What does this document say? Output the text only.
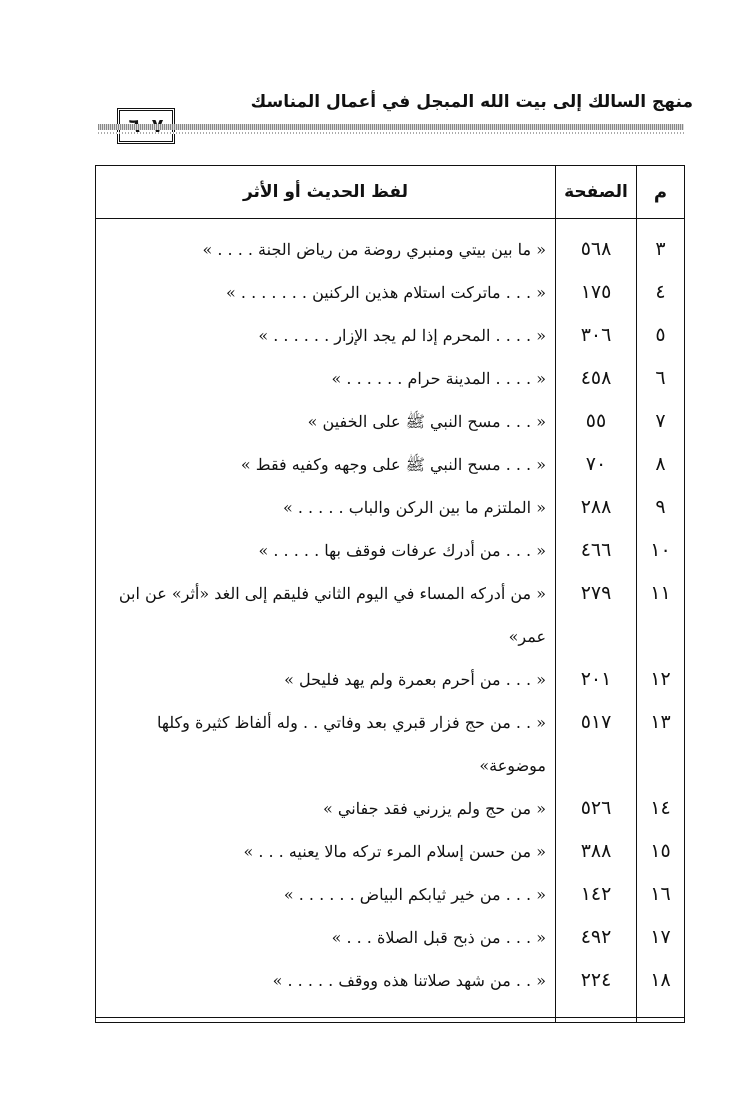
منهج السالك إلى بيت الله المبجل في أعمال المناسك
م
الصفحة
لفظ الحديث أو الأثر
٣
٥٦٨
« ما بين بيتي ومنبري روضة من رياض الجنة . . . . »
٤
١٧٥
« . . . ماتركت استلام هذين الركنين . . . . . . . »
٥
٣٠٦
« . . . . المحرم إذا لم يجد الإزار . . . . . . »
٦
٤٥٨
« . . . . المدينة حرام . . . . . . »
٧
٥٥
« . . . مسح النبي ﷺ على الخفين »
٨
٧٠
« . . . مسح النبي ﷺ على وجهه وكفيه فقط »
٩
٢٨٨
« الملتزم ما بين الركن والباب . . . . . »
١٠
٤٦٦
« . . . من أدرك عرفات فوقف بها . . . . . »
١١
٢٧٩
« من أدركه المساء في اليوم الثاني فليقم إلى الغد «أثر» عن ابن عمر»
١٢
٢٠١
« . . . من أحرم بعمرة ولم يهد فليحل »
١٣
٥١٧
« . . من حج فزار قبري بعد وفاتي . . وله ألفاظ كثيرة وكلها موضوعة»
١٤
٥٢٦
« من حج ولم يزرني فقد جفاني »
١٥
٣٨٨
« من حسن إسلام المرء تركه مالا يعنيه . . . »
١٦
١٤٢
« . . . من خير ثيابكم البياض . . . . . . »
١٧
٤٩٢
« . . . من ذبح قبل الصلاة . . . »
١٨
٢٢٤
« . . من شهد صلاتنا هذه ووقف . . . . . »
